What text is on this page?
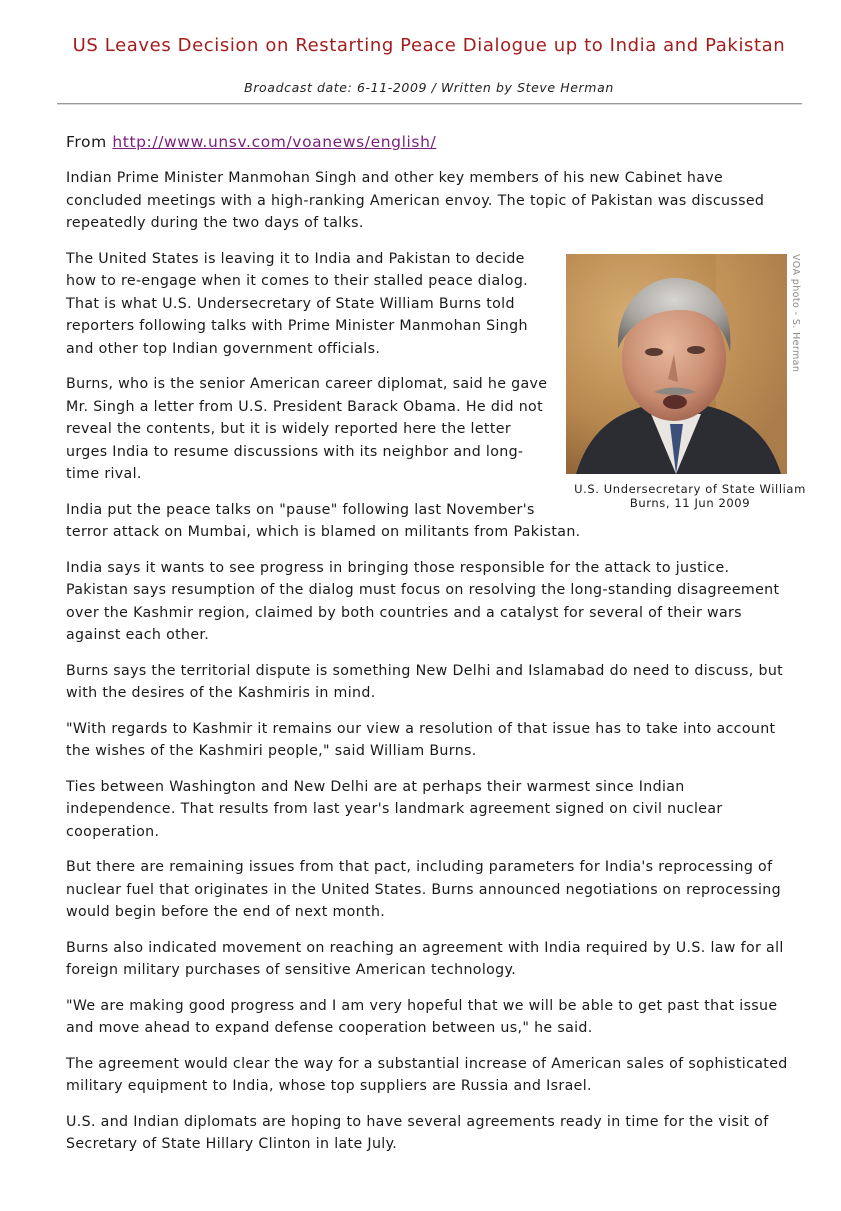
US Leaves Decision on Restarting Peace Dialogue up to India and Pakistan
Broadcast date: 6-11-2009 / Written by Steve Herman

From http://www.unsv.com/voanews/english/

Indian Prime Minister Manmohan Singh and other key members of his new Cabinet have concluded meetings with a high-ranking American envoy. The topic of Pakistan was discussed repeatedly during the two days of talks.

VOA photo - S. Herman
U.S. Undersecretary of State William Burns, 11 Jun 2009

The United States is leaving it to India and Pakistan to decide how to re-engage when it comes to their stalled peace dialog. That is what U.S. Undersecretary of State William Burns told reporters following talks with Prime Minister Manmohan Singh and other top Indian government officials.

Burns, who is the senior American career diplomat, said he gave Mr. Singh a letter from U.S. President Barack Obama. He did not reveal the contents, but it is widely reported here the letter urges India to resume discussions with its neighbor and long-time rival.

India put the peace talks on "pause" following last November's terror attack on Mumbai, which is blamed on militants from Pakistan.

India says it wants to see progress in bringing those responsible for the attack to justice. Pakistan says resumption of the dialog must focus on resolving the long-standing disagreement over the Kashmir region, claimed by both countries and a catalyst for several of their wars against each other.

Burns says the territorial dispute is something New Delhi and Islamabad do need to discuss, but with the desires of the Kashmiris in mind.

"With regards to Kashmir it remains our view a resolution of that issue has to take into account the wishes of the Kashmiri people," said William Burns.

Ties between Washington and New Delhi are at perhaps their warmest since Indian independence. That results from last year's landmark agreement signed on civil nuclear cooperation.

But there are remaining issues from that pact, including parameters for India's reprocessing of nuclear fuel that originates in the United States. Burns announced negotiations on reprocessing would begin before the end of next month.

Burns also indicated movement on reaching an agreement with India required by U.S. law for all foreign military purchases of sensitive American technology.

"We are making good progress and I am very hopeful that we will be able to get past that issue and move ahead to expand defense cooperation between us," he said.

The agreement would clear the way for a substantial increase of American sales of sophisticated military equipment to India, whose top suppliers are Russia and Israel.

U.S. and Indian diplomats are hoping to have several agreements ready in time for the visit of Secretary of State Hillary Clinton in late July.
